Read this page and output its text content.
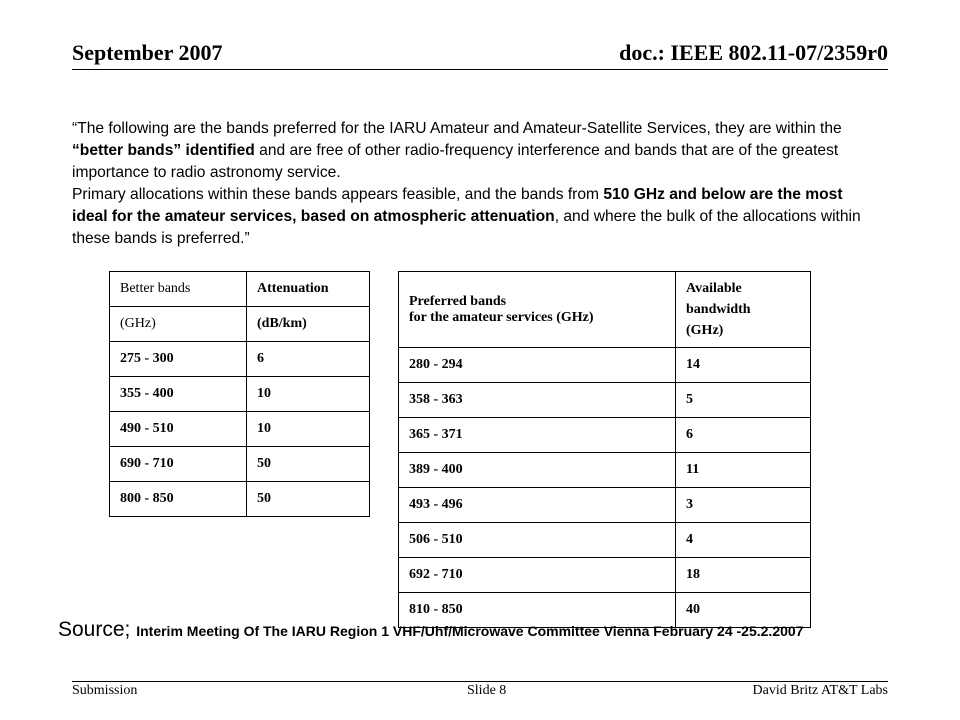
September 2007	doc.: IEEE 802.11-07/2359r0
“The following are the bands preferred for the IARU Amateur and Amateur-Satellite Services, they are within the “better bands” identified and are free of other radio-frequency interference and bands that are of the greatest importance to radio astronomy service.
Primary allocations within these bands appears feasible, and the bands from 510 GHz and below are the most ideal for the amateur services, based on atmospheric attenuation, and where the bulk of the allocations within these bands is preferred.”
Better bands	Attenuation
(GHz)	(dB/km)
275 - 300	6
355 - 400	10
490 - 510	10
690 - 710	50
800 - 850	50
Preferred bands
for the amateur services (GHz)	Available
bandwidth
(GHz)
280 - 294	14
358 - 363	5
365 - 371	6
389 - 400	11
493 - 496	3
506 - 510	4
692 - 710	18
810 - 850	40
Source; Interim Meeting Of The IARU Region 1 VHF/Uhf/Microwave Committee Vienna February 24 -25.2.2007
Submission	Slide 8	David Britz AT&T Labs
